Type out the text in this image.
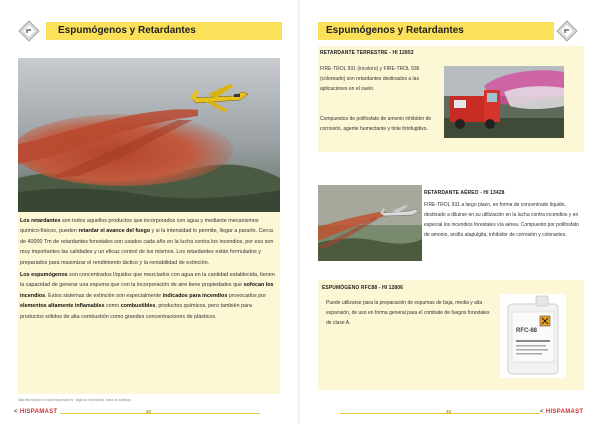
Espumógenos y Retardantes

Los retardantes son todos aquellos productos que incorporados con agua y mediante mecanismos químico-físicos, pueden retardar el avance del fuego y si la intensidad lo permite, llegar a pararlo. Cerca de 40000 Tm de retardantes forestales son usados cada año en la lucha contra los incendios, por eso son muy importantes las calidades y un eficaz control de los mismos. Los retardantes están formulados y preparados para maximizar el rendimiento táctico y la rentabilidad de extinción.

Los espumógenos son concentrados líquidos que mezclados con agua en la cantidad establecida, tienen la capacidad de generar una espuma que con la incorporación de aire tiene propiedades que sofocan los incendios. Estos sistemas de extinción son especialmente indicados para incendios provocados por elementos altamente inflamables como combustibles, productos químicos, pero también para productos sólidos de alta combustión como grandes concentraciones de plásticos.

Más información en www.hispamast.es · Algunos suministros, fuera de catálogo
< HISPAMAST	32
Espumógenos y Retardantes
RETARDANTE TERRESTRE - HI 12853
FIRE-TROL 931 (incoloro) y FIRE-TROL 936 (coloreado) son retardantes destinados a las aplicaciones en el suelo.
Compuestos de polifosfato de amonio inhibidor de corrosión, agente humectante y tinte fotofugitivo.
RETARDANTE AÉREO - HI 13428
FIRE-TROL 931 a largo plazo, en forma de concentrado líquido, destinado a diluirse en su utilización en la lucha contra incendios y en especial los incendios forestales vía aérea. Compuesto por polifosfato de amonio, arcilla atapulgita, inhibidor de corrosión y colorantes.
ESPUMÓGENO RFC88 - HI 12806
Puede utilizarse para la preparación de espumas de baja, media y alta expansión, de uso en forma general para el combate de fuegos forestales de clase A.
RFC-88
33	< HISPAMAST
